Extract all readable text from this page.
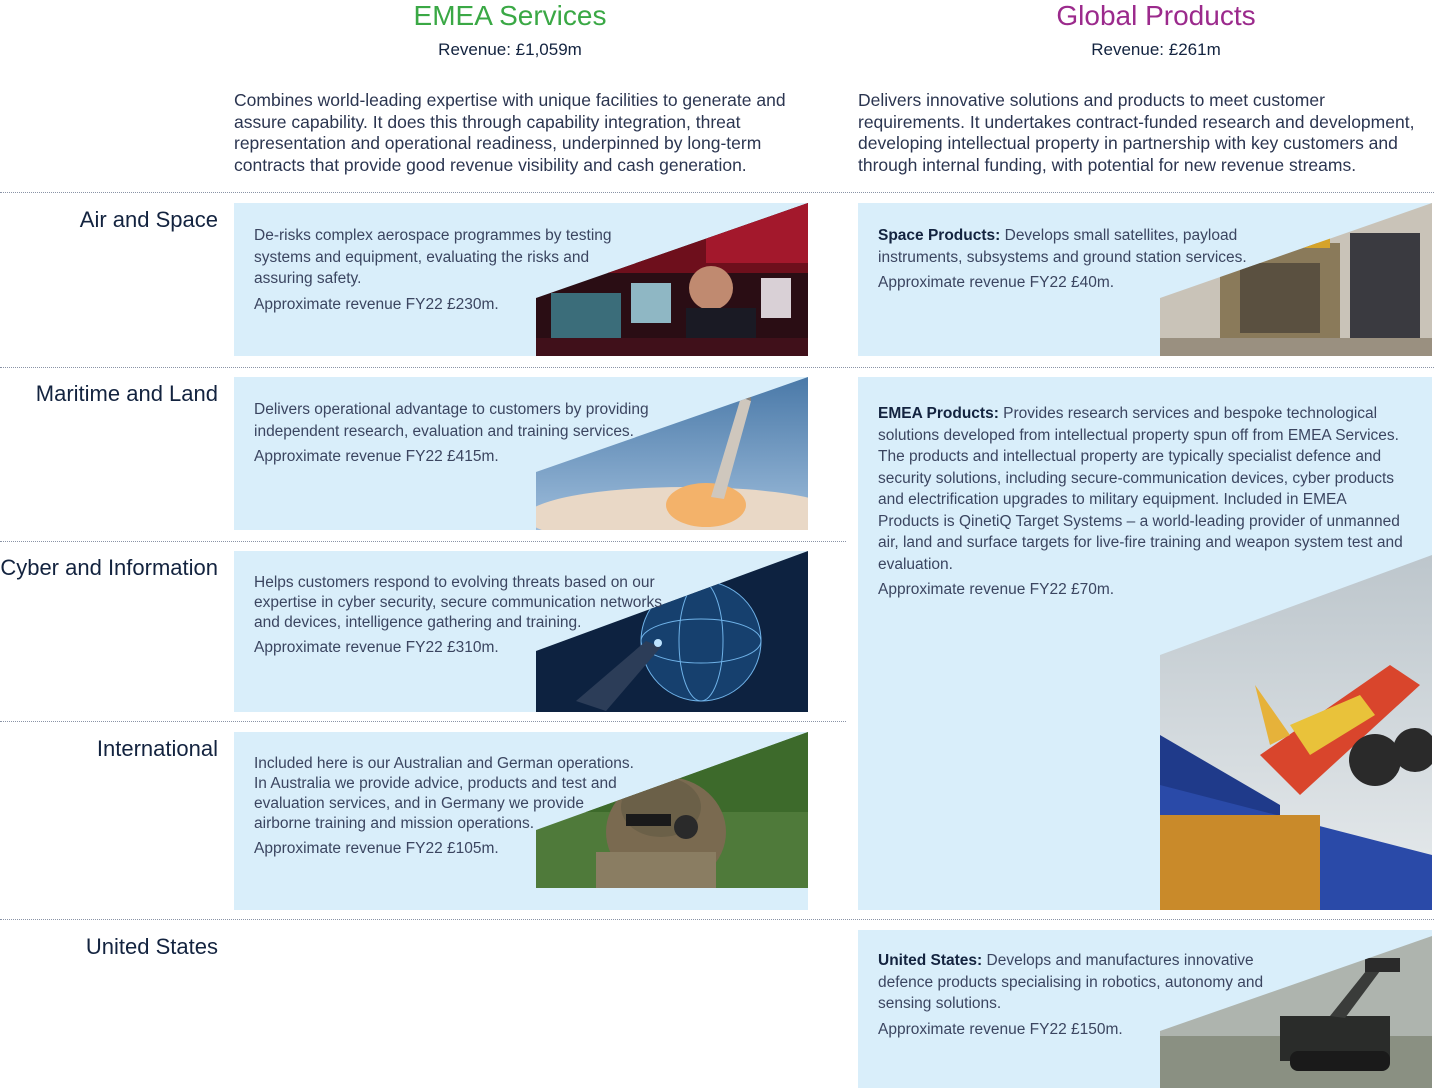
EMEA Services
Revenue: £1,059m
Combines world-leading expertise with unique facilities to generate and assure capability. It does this through capability integration, threat representation and operational readiness, underpinned by long-term contracts that provide good revenue visibility and cash generation.
Global Products
Revenue: £261m
Delivers innovative solutions and products to meet customer requirements. It undertakes contract-funded research and development, developing intellectual property in partnership with key customers and through internal funding, with potential for new revenue streams.
Air and Space
Maritime and Land
Cyber and Information
International
United States

De-risks complex aerospace programmes by testing systems and equipment, evaluating the risks and assuring safety.

Approximate revenue FY22 £230m.

Delivers operational advantage to customers by providing independent research, evaluation and training services.

Approximate revenue FY22 £415m.

Helps customers respond to evolving threats based on our expertise in cyber security, secure communication networks and devices, intelligence gathering and training.

Approximate revenue FY22 £310m.

Included here is our Australian and German operations. In Australia we provide advice, products and test and evaluation services, and in Germany we provide airborne training and mission operations.

Approximate revenue FY22 £105m.

Space Products: Develops small satellites, payload instruments, subsystems and ground station services.

Approximate revenue FY22 £40m.

EMEA Products: Provides research services and bespoke technological solutions developed from intellectual property spun off from EMEA Services. The products and intellectual property are typically specialist defence and security solutions, including secure-communication devices, cyber products and electrification upgrades to military equipment. Included in EMEA Products is QinetiQ Target Systems – a world-leading provider of unmanned air, land and surface targets for live-fire training and weapon system test and evaluation.

Approximate revenue FY22 £70m.

United States: Develops and manufactures innovative defence products specialising in robotics, autonomy and sensing solutions.

Approximate revenue FY22 £150m.
